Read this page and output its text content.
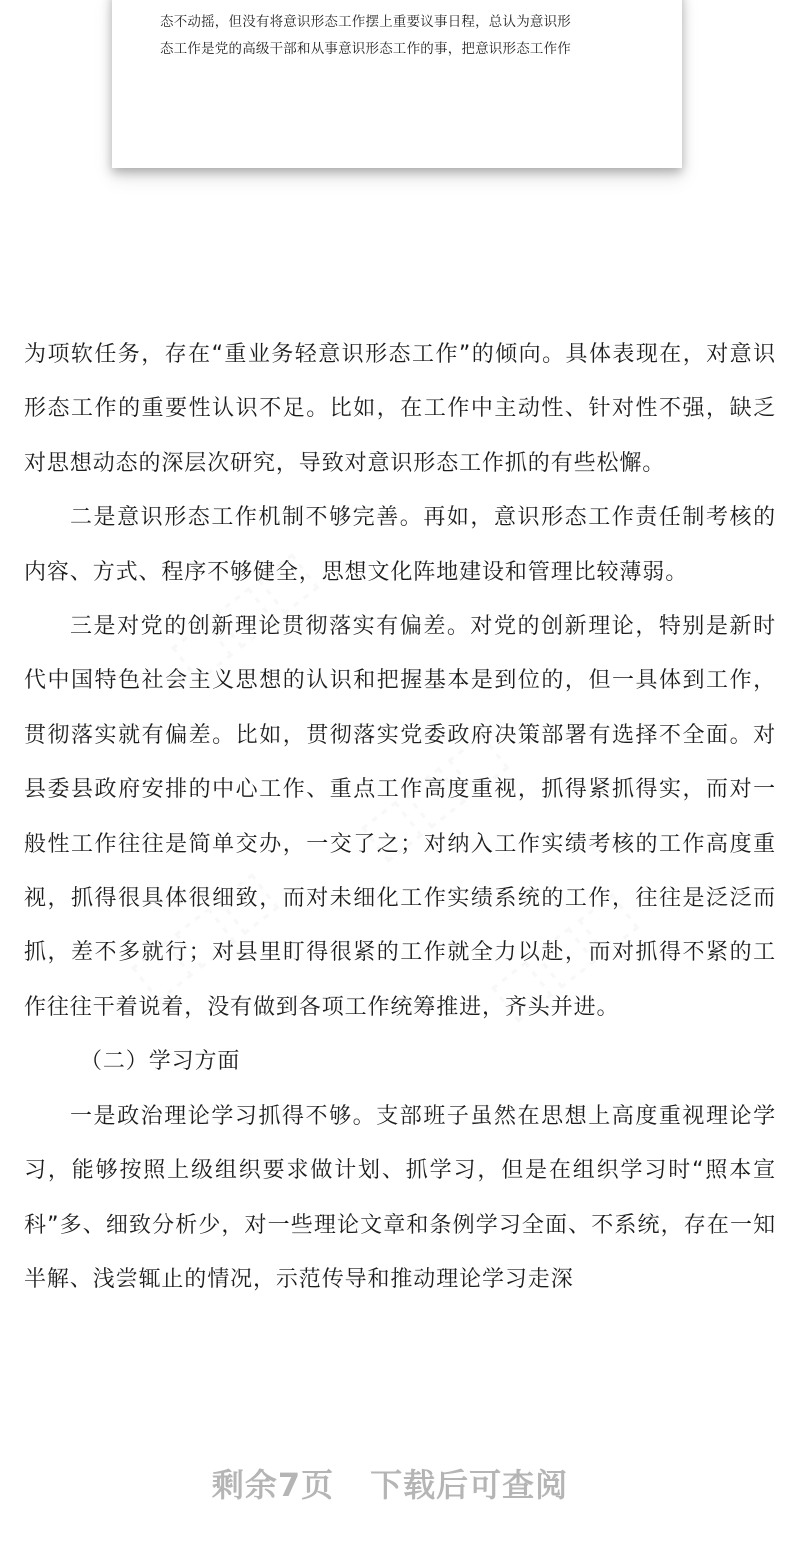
态不动摇，但没有将意识形态工作摆上重要议事日程，总认为意识形
态工作是党的高级干部和从事意识形态工作的事，把意识形态工作作
⬚⬚⬚
⬚⬚⬚
⬚⬚⬚	⬚⬚⬚

为项软任务，存在“重业务轻意识形态工作”的倾向。具体表现在，对意识形态工作的重要性认识不足。比如，在工作中主动性、针对性不强，缺乏对思想动态的深层次研究，导致对意识形态工作抓的有些松懈。

二是意识形态工作机制不够完善。再如，意识形态工作责任制考核的内容、方式、程序不够健全，思想文化阵地建设和管理比较薄弱。

三是对党的创新理论贯彻落实有偏差。对党的创新理论，特别是新时代中国特色社会主义思想的认识和把握基本是到位的，但一具体到工作，贯彻落实就有偏差。比如，贯彻落实党委政府决策部署有选择不全面。对县委县政府安排的中心工作、重点工作高度重视，抓得紧抓得实，而对一般性工作往往是简单交办，一交了之；对纳入工作实绩考核的工作高度重视，抓得很具体很细致，而对未细化工作实绩系统的工作，往往是泛泛而抓，差不多就行；对县里盯得很紧的工作就全力以赴，而对抓得不紧的工作往往干着说着，没有做到各项工作统筹推进，齐头并进。

（二）学习方面

一是政治理论学习抓得不够。支部班子虽然在思想上高度重视理论学习，能够按照上级组织要求做计划、抓学习，但是在组织学习时“照本宣科”多、细致分析少，对一些理论文章和条例学习全面、不系统，存在一知半解、浅尝辄止的情况，示范传导和推动理论学习走深

剩余7页 下载后可查阅
